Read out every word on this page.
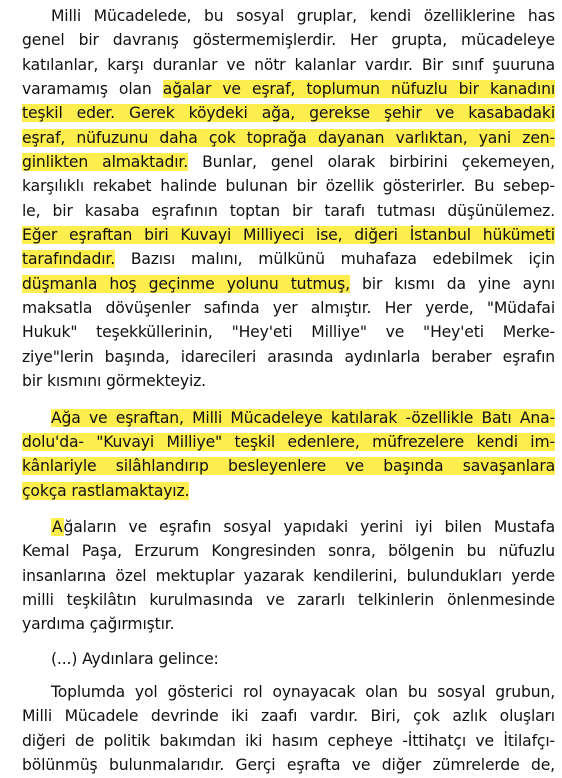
Milli Mücadelede, bu sosyal gruplar, kendi özelliklerine has
genel bir davranış göstermemişlerdir. Her grupta, mücadeleye
katılanlar, karşı duranlar ve nötr kalanlar vardır. Bir sınıf şuuruna
varamamış olan ağalar ve eşraf, toplumun nüfuzlu bir kanadını
teşkil eder. Gerek köydeki ağa, gerekse şehir ve kasabadaki
eşraf, nüfuzunu daha çok toprağa dayanan varlıktan, yani zen-
ginlikten almaktadır. Bunlar, genel olarak birbirini çekemeyen,
karşılıklı rekabet halinde bulunan bir özellik gösterirler. Bu sebep-
le, bir kasaba eşrafının toptan bir tarafı tutması düşünülemez.
Eğer eşraftan biri Kuvayi Milliyeci ise, diğeri İstanbul hükümeti
tarafındadır. Bazısı malını, mülkünü muhafaza edebilmek için
düşmanla hoş geçinme yolunu tutmuş, bir kısmı da yine aynı
maksatla dövüşenler safında yer almıştır. Her yerde, "Müdafai
Hukuk" teşekküllerinin, "Hey'eti Milliye" ve "Hey'eti Merke-
ziye"lerin başında, idarecileri arasında aydınlarla beraber eşrafın
bir kısmını görmekteyiz.
Ağa ve eşraftan, Milli Mücadeleye katılarak -özellikle Batı Ana-
dolu'da- "Kuvayi Milliye" teşkil edenlere, müfrezelere kendi im-
kânlariyle silâhlandırıp besleyenlere ve başında savaşanlara
çokça rastlamaktayız.
Ağaların ve eşrafın sosyal yapıdaki yerini iyi bilen Mustafa
Kemal Paşa, Erzurum Kongresinden sonra, bölgenin bu nüfuzlu
insanlarına özel mektuplar yazarak kendilerini, bulundukları yerde
milli teşkilâtın kurulmasında ve zararlı telkinlerin önlenmesinde
yardıma çağırmıştır.
(...) Aydınlara gelince:
Toplumda yol gösterici rol oynayacak olan bu sosyal grubun,
Milli Mücadele devrinde iki zaafı vardır. Biri, çok azlık oluşları
diğeri de politik bakımdan iki hasım cepheye -İttihatçı ve İtilafçı-
bölünmüş bulunmalarıdır. Gerçi eşrafta ve diğer zümrelerde de,
